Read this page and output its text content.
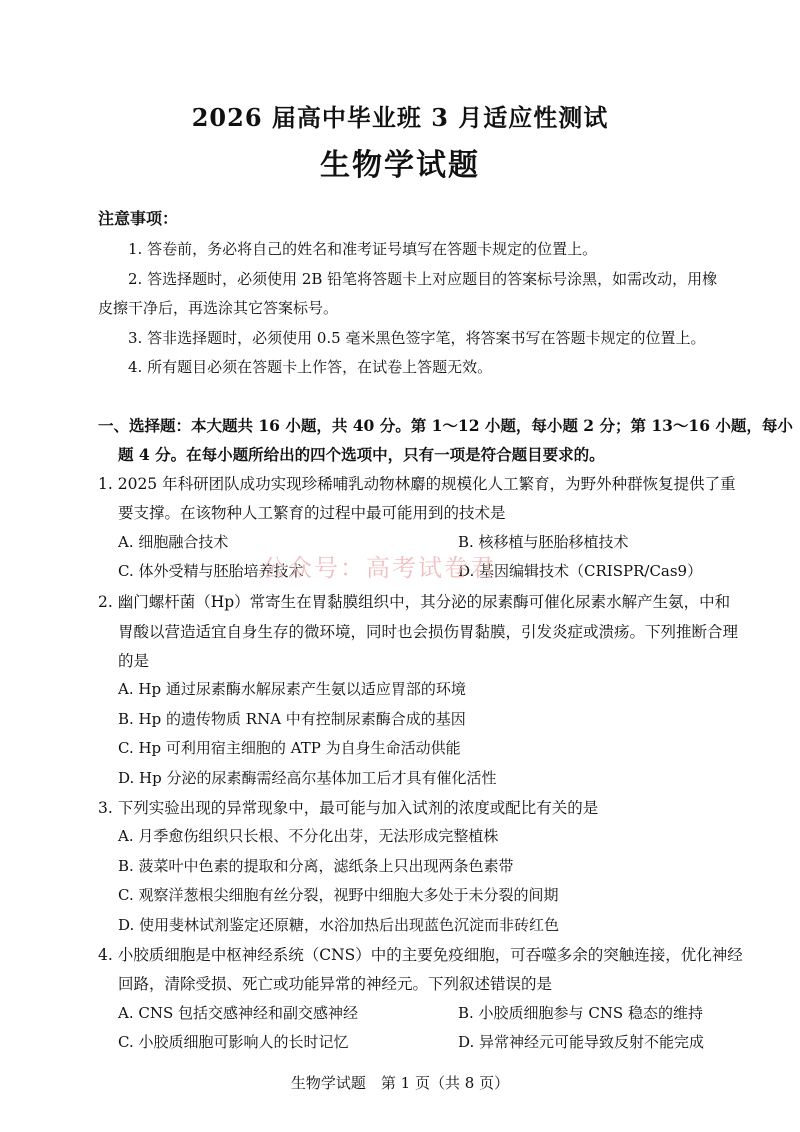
2026 届高中毕业班 3 月适应性测试
生物学试题
注意事项：
1. 答卷前，务必将自己的姓名和准考证号填写在答题卡规定的位置上。
2. 答选择题时，必须使用 2B 铅笔将答题卡上对应题目的答案标号涂黑，如需改动，用橡
皮擦干净后，再选涂其它答案标号。
3. 答非选择题时，必须使用 0.5 毫米黑色签字笔，将答案书写在答题卡规定的位置上。
4. 所有题目必须在答题卡上作答，在试卷上答题无效。
一、选择题：本大题共 16 小题，共 40 分。第 1～12 小题，每小题 2 分；第 13～16 小题，每小
题 4 分。在每小题所给出的四个选项中，只有一项是符合题目要求的。
1. 2025 年科研团队成功实现珍稀哺乳动物林麝的规模化人工繁育，为野外种群恢复提供了重
要支撑。在该物种人工繁育的过程中最可能用到的技术是
A. 细胞融合技术	B. 核移植与胚胎移植技术
C. 体外受精与胚胎培养技术	D. 基因编辑技术（CRISPR/Cas9）
公众号：高考试卷君
2. 幽门螺杆菌（Hp）常寄生在胃黏膜组织中，其分泌的尿素酶可催化尿素水解产生氨，中和
胃酸以营造适宜自身生存的微环境，同时也会损伤胃黏膜，引发炎症或溃疡。下列推断合理
的是
A. Hp 通过尿素酶水解尿素产生氨以适应胃部的环境
B. Hp 的遗传物质 RNA 中有控制尿素酶合成的基因
C. Hp 可利用宿主细胞的 ATP 为自身生命活动供能
D. Hp 分泌的尿素酶需经高尔基体加工后才具有催化活性
3. 下列实验出现的异常现象中，最可能与加入试剂的浓度或配比有关的是
A. 月季愈伤组织只长根、不分化出芽，无法形成完整植株
B. 菠菜叶中色素的提取和分离，滤纸条上只出现两条色素带
C. 观察洋葱根尖细胞有丝分裂，视野中细胞大多处于未分裂的间期
D. 使用斐林试剂鉴定还原糖，水浴加热后出现蓝色沉淀而非砖红色
4. 小胶质细胞是中枢神经系统（CNS）中的主要免疫细胞，可吞噬多余的突触连接，优化神经
回路，清除受损、死亡或功能异常的神经元。下列叙述错误的是
A. CNS 包括交感神经和副交感神经	B. 小胶质细胞参与 CNS 稳态的维持
C. 小胶质细胞可影响人的长时记忆	D. 异常神经元可能导致反射不能完成
生物学试题　第 1 页（共 8 页）
